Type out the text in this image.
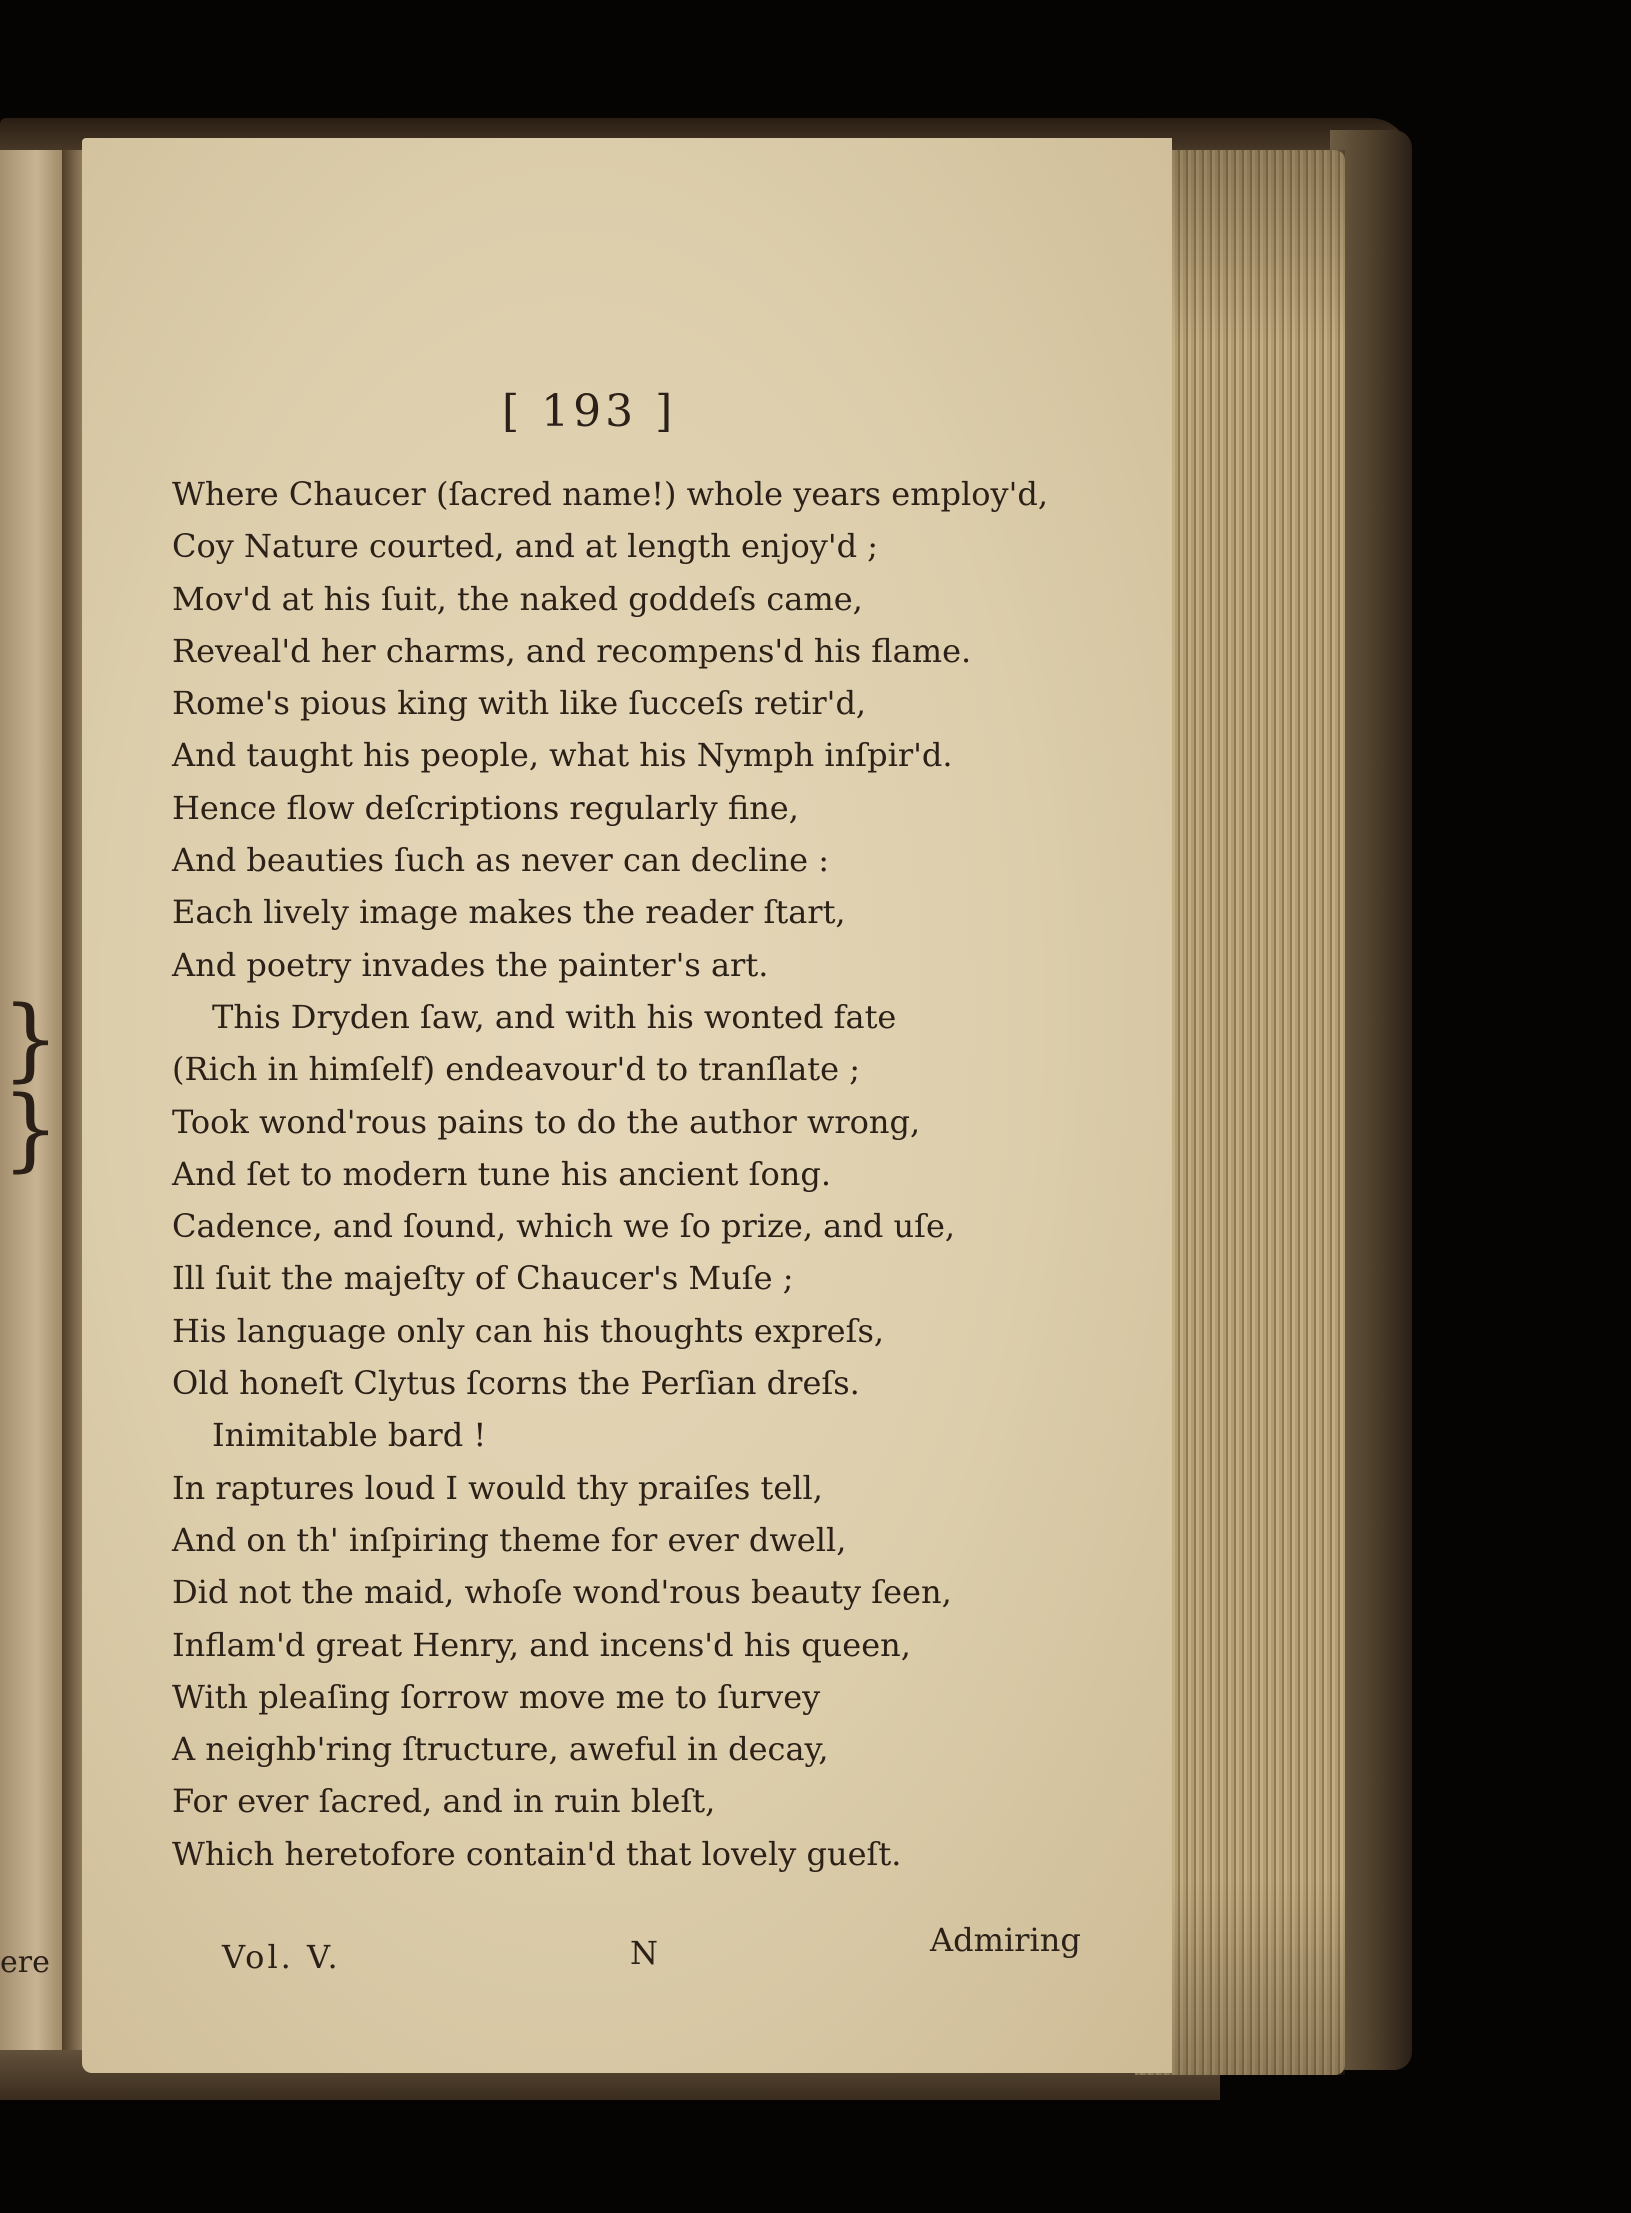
}
}
ere
[ 193 ]
Where Chaucer (ſacred name!) whole years employ'd,
Coy Nature courted, and at length enjoy'd ;
Mov'd at his ſuit, the naked goddeſs came,
Reveal'd her charms, and recompens'd his flame.
Rome's pious king with like ſucceſs retir'd,
And taught his people, what his Nymph inſpir'd.
Hence flow deſcriptions regularly fine,
And beauties ſuch as never can decline :
Each lively image makes the reader ſtart,
And poetry invades the painter's art.
This Dryden ſaw, and with his wonted fate
(Rich in himſelf) endeavour'd to tranſlate ;
Took wond'rous pains to do the author wrong,
And ſet to modern tune his ancient ſong.
Cadence, and ſound, which we ſo prize, and uſe,
Ill ſuit the majeſty of Chaucer's Muſe ;
His language only can his thoughts expreſs,
Old honeſt Clytus ſcorns the Perſian dreſs.
Inimitable bard !
In raptures loud I would thy praiſes tell,
And on th' inſpiring theme for ever dwell,
Did not the maid, whoſe wond'rous beauty ſeen,
Inflam'd great Henry, and incens'd his queen,
With pleaſing ſorrow move me to ſurvey
A neighb'ring ſtructure, aweful in decay,
For ever ſacred, and in ruin bleſt,
Which heretofore contain'd that lovely gueſt.
Vol. V.	N	Admiring
